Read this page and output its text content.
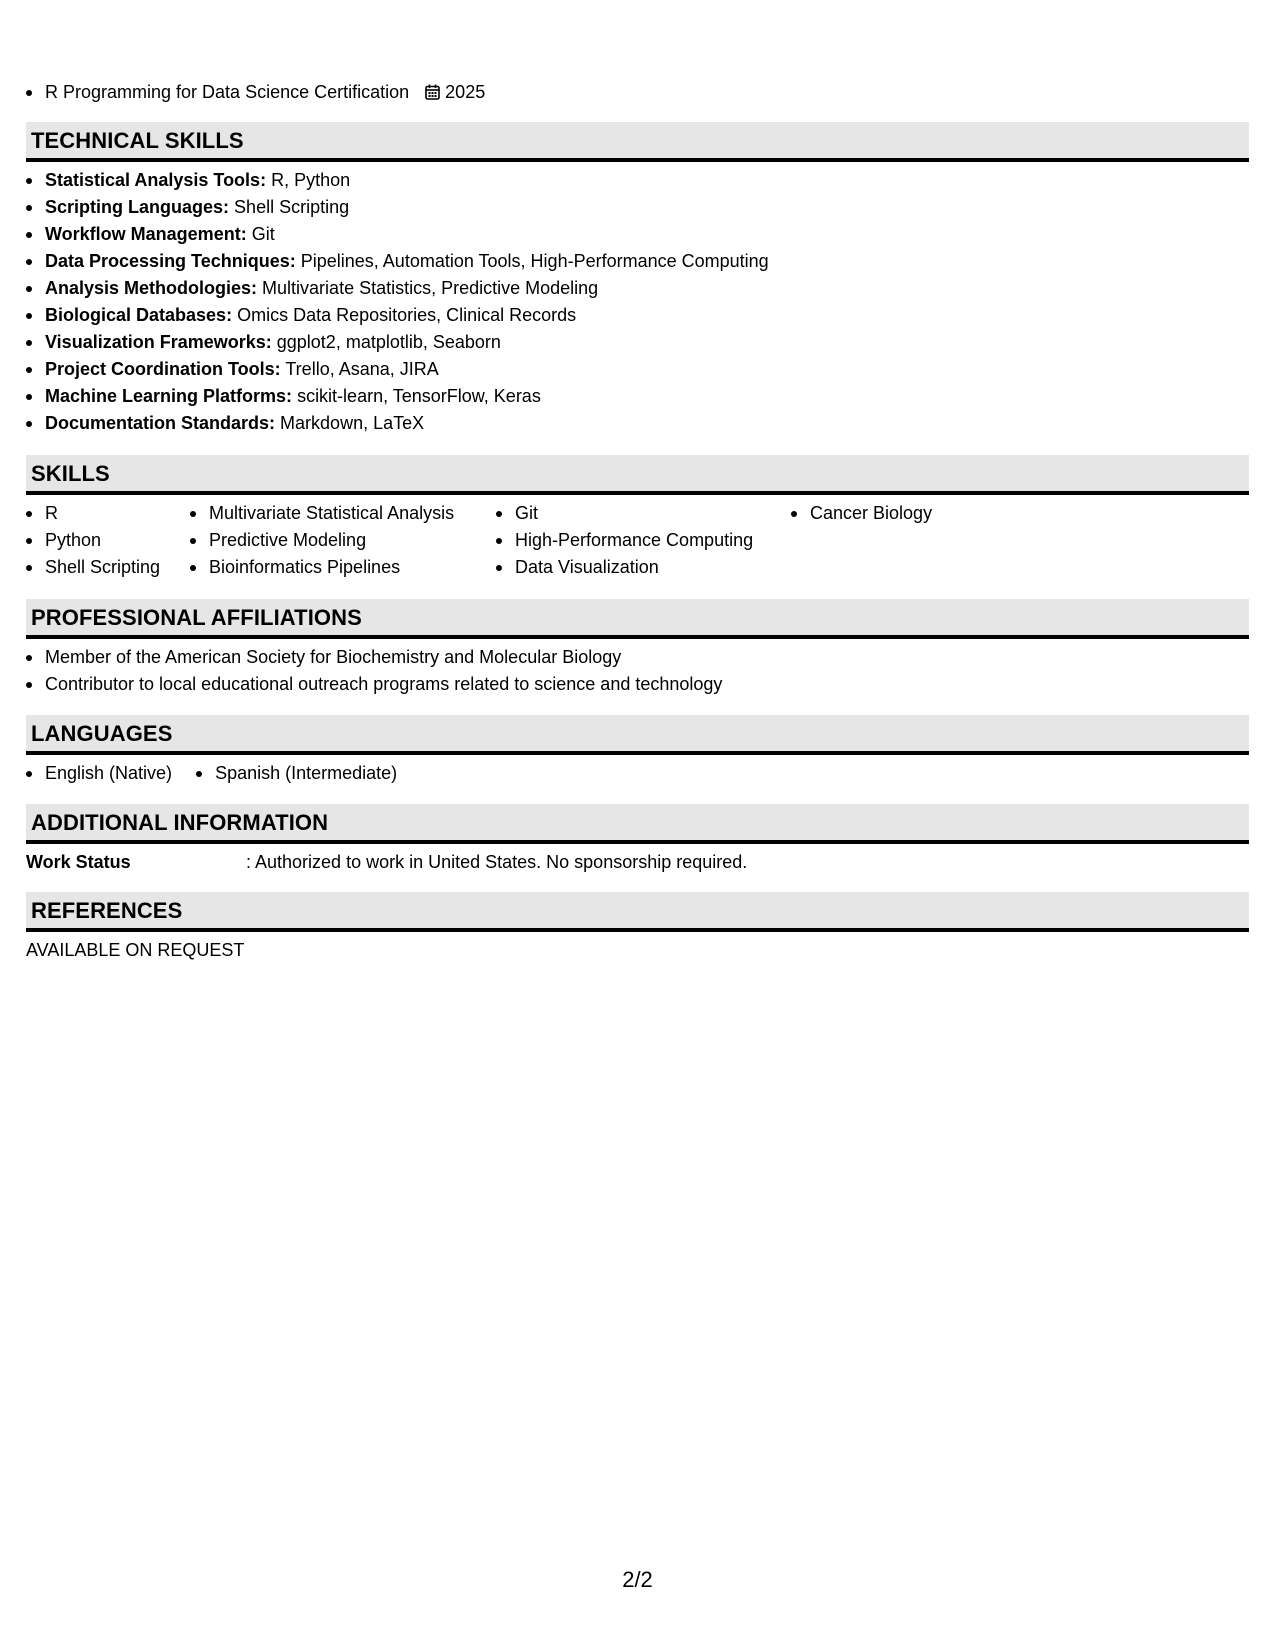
R Programming for Data Science Certification 2025
TECHNICAL SKILLS
Statistical Analysis Tools: R, Python
Scripting Languages: Shell Scripting
Workflow Management: Git
Data Processing Techniques: Pipelines, Automation Tools, High-Performance Computing
Analysis Methodologies: Multivariate Statistics, Predictive Modeling
Biological Databases: Omics Data Repositories, Clinical Records
Visualization Frameworks: ggplot2, matplotlib, Seaborn
Project Coordination Tools: Trello, Asana, JIRA
Machine Learning Platforms: scikit-learn, TensorFlow, Keras
Documentation Standards: Markdown, LaTeX
SKILLS
R
Python
Shell Scripting
Multivariate Statistical Analysis
Predictive Modeling
Bioinformatics Pipelines
Git
High-Performance Computing
Data Visualization
Cancer Biology
PROFESSIONAL AFFILIATIONS
Member of the American Society for Biochemistry and Molecular Biology
Contributor to local educational outreach programs related to science and technology
LANGUAGES
English (Native) Spanish (Intermediate)
ADDITIONAL INFORMATION
Work Status	: Authorized to work in United States. No sponsorship required.
REFERENCES
AVAILABLE ON REQUEST
2/2
